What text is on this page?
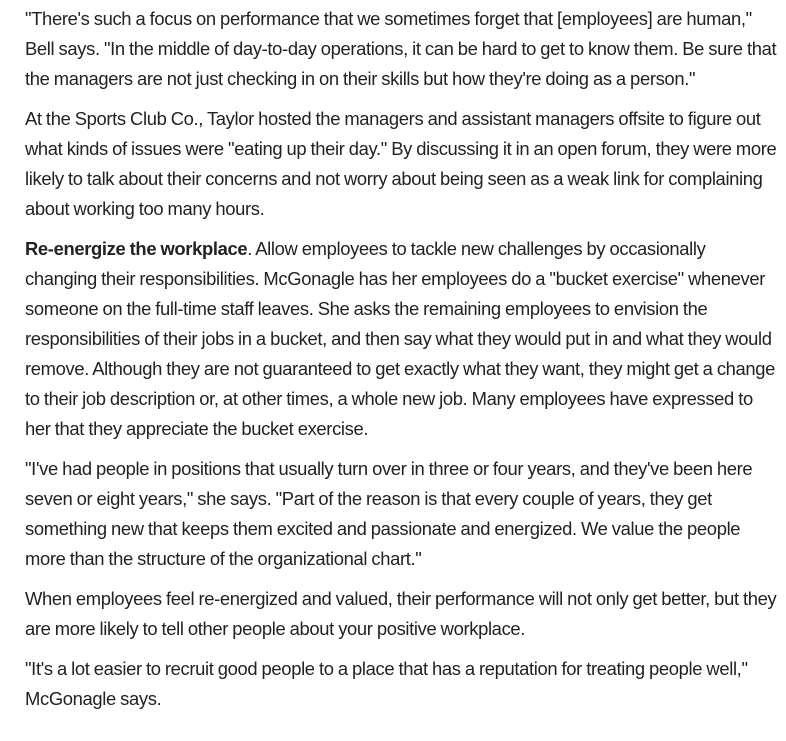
"There's such a focus on performance that we sometimes forget that [employees] are human," Bell says. "In the middle of day-to-day operations, it can be hard to get to know them. Be sure that the managers are not just checking in on their skills but how they're doing as a person."

At the Sports Club Co., Taylor hosted the managers and assistant managers offsite to figure out what kinds of issues were "eating up their day." By discussing it in an open forum, they were more likely to talk about their concerns and not worry about being seen as a weak link for complaining about working too many hours.

Re-energize the workplace. Allow employees to tackle new challenges by occasionally changing their responsibilities. McGonagle has her employees do a "bucket exercise" whenever someone on the full-time staff leaves. She asks the remaining employees to envision the responsibilities of their jobs in a bucket, and then say what they would put in and what they would remove. Although they are not guaranteed to get exactly what they want, they might get a change to their job description or, at other times, a whole new job. Many employees have expressed to her that they appreciate the bucket exercise.

"I've had people in positions that usually turn over in three or four years, and they've been here seven or eight years," she says. "Part of the reason is that every couple of years, they get something new that keeps them excited and passionate and energized. We value the people more than the structure of the organizational chart."

When employees feel re-energized and valued, their performance will not only get better, but they are more likely to tell other people about your positive workplace.

"It's a lot easier to recruit good people to a place that has a reputation for treating people well," McGonagle says.
